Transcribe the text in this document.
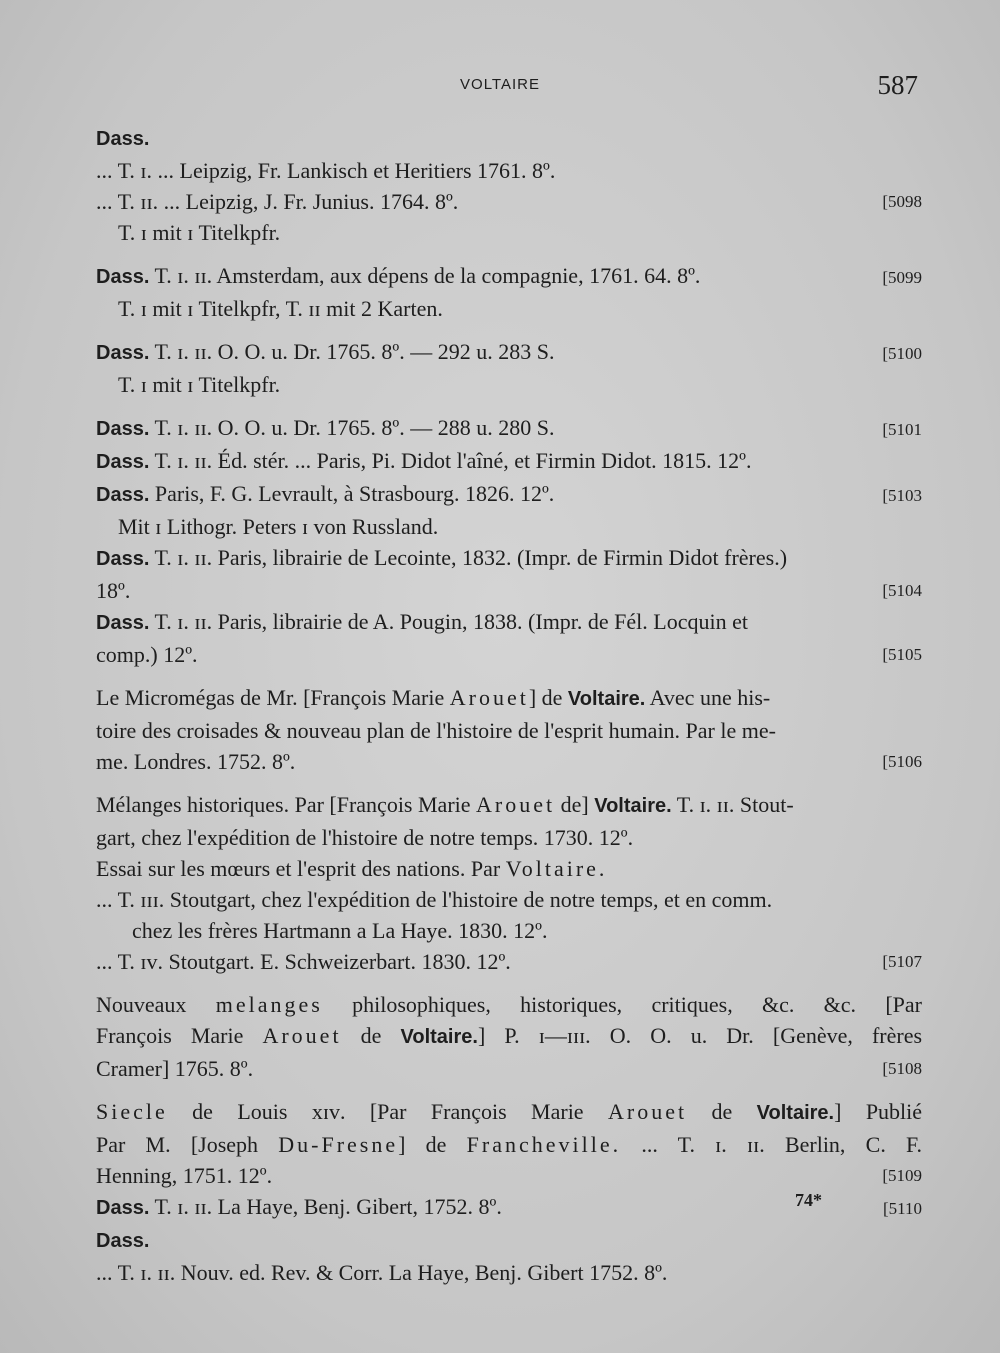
VOLTAIRE	587
Dass.
... T. ɪ. ... Leipzig, Fr. Lankisch et Heritiers 1761. 8º.
... T. ɪɪ. ... Leipzig, J. Fr. Junius. 1764. 8º.	[5098
T. ɪ mit ɪ Titelkpfr.
Dass. T. ɪ. ɪɪ. Amsterdam, aux dépens de la compagnie, 1761. 64. 8º.	[5099
T. ɪ mit ɪ Titelkpfr, T. ɪɪ mit 2 Karten.
Dass. T. ɪ. ɪɪ. O. O. u. Dr. 1765. 8º. — 292 u. 283 S.	[5100
T. ɪ mit ɪ Titelkpfr.
Dass. T. ɪ. ɪɪ. O. O. u. Dr. 1765. 8º. — 288 u. 280 S.	[5101
Dass. T. ɪ. ɪɪ. Éd. stér. ... Paris, Pi. Didot l'aîné, et Firmin Didot. 1815. 12º.
Dass. Paris, F. G. Levrault, à Strasbourg. 1826. 12º.	[5103
Mit ɪ Lithogr. Peters ɪ von Russland.
Dass. T. ɪ. ɪɪ. Paris, librairie de Lecointe, 1832. (Impr. de Firmin Didot frères.)
18º.	[5104
Dass. T. ɪ. ɪɪ. Paris, librairie de A. Pougin, 1838. (Impr. de Fél. Locquin et
comp.) 12º.	[5105
Le Micromégas de Mr. [François Marie Arouet] de Voltaire. Avec une his-
toire des croisades & nouveau plan de l'histoire de l'esprit humain. Par le me-
me. Londres. 1752. 8º.	[5106
Mélanges historiques. Par [François Marie Arouet de] Voltaire. T. ɪ. ɪɪ. Stout-
gart, chez l'expédition de l'histoire de notre temps. 1730. 12º.
Essai sur les mœurs et l'esprit des nations. Par Voltaire.
... T. ɪɪɪ. Stoutgart, chez l'expédition de l'histoire de notre temps, et en comm.
chez les frères Hartmann a La Haye. 1830. 12º.
... T. ɪᴠ. Stoutgart. E. Schweizerbart. 1830. 12º.	[5107
Nouveaux melanges philosophiques, historiques, critiques, &c. &c. [Par
François Marie Arouet de Voltaire.] P. ɪ—ɪɪɪ. O. O. u. Dr. [Genève, frères
Cramer] 1765. 8º.	[5108
Siecle de Louis xɪᴠ. [Par François Marie Arouet de Voltaire.] Publié
Par M. [Joseph Du-Fresne] de Francheville. ... T. ɪ. ɪɪ. Berlin, C. F.
Henning, 1751. 12º.	[5109
Dass. T. ɪ. ɪɪ. La Haye, Benj. Gibert, 1752. 8º.	[5110
Dass.
... T. ɪ. ɪɪ. Nouv. ed. Rev. & Corr. La Haye, Benj. Gibert 1752. 8º.
74*
